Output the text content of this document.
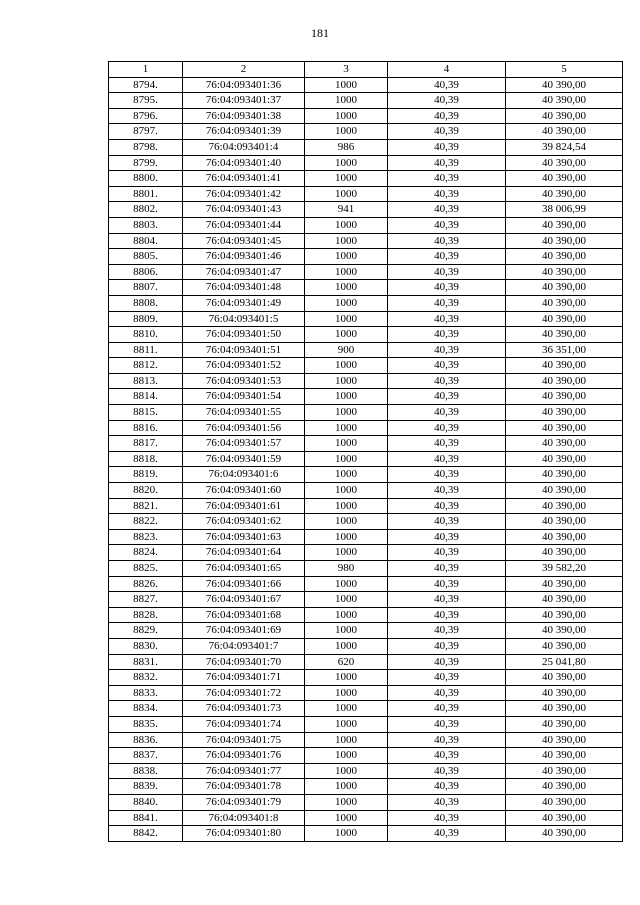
181
1	2	3	4	5
8794.	76:04:093401:36	1000	40,39	40 390,00
8795.	76:04:093401:37	1000	40,39	40 390,00
8796.	76:04:093401:38	1000	40,39	40 390,00
8797.	76:04:093401:39	1000	40,39	40 390,00
8798.	76:04:093401:4	986	40,39	39 824,54
8799.	76:04:093401:40	1000	40,39	40 390,00
8800.	76:04:093401:41	1000	40,39	40 390,00
8801.	76:04:093401:42	1000	40,39	40 390,00
8802.	76:04:093401:43	941	40,39	38 006,99
8803.	76:04:093401:44	1000	40,39	40 390,00
8804.	76:04:093401:45	1000	40,39	40 390,00
8805.	76:04:093401:46	1000	40,39	40 390,00
8806.	76:04:093401:47	1000	40,39	40 390,00
8807.	76:04:093401:48	1000	40,39	40 390,00
8808.	76:04:093401:49	1000	40,39	40 390,00
8809.	76:04:093401:5	1000	40,39	40 390,00
8810.	76:04:093401:50	1000	40,39	40 390,00
8811.	76:04:093401:51	900	40,39	36 351,00
8812.	76:04:093401:52	1000	40,39	40 390,00
8813.	76:04:093401:53	1000	40,39	40 390,00
8814.	76:04:093401:54	1000	40,39	40 390,00
8815.	76:04:093401:55	1000	40,39	40 390,00
8816.	76:04:093401:56	1000	40,39	40 390,00
8817.	76:04:093401:57	1000	40,39	40 390,00
8818.	76:04:093401:59	1000	40,39	40 390,00
8819.	76:04:093401:6	1000	40,39	40 390,00
8820.	76:04:093401:60	1000	40,39	40 390,00
8821.	76:04:093401:61	1000	40,39	40 390,00
8822.	76:04:093401:62	1000	40,39	40 390,00
8823.	76:04:093401:63	1000	40,39	40 390,00
8824.	76:04:093401:64	1000	40,39	40 390,00
8825.	76:04:093401:65	980	40,39	39 582,20
8826.	76:04:093401:66	1000	40,39	40 390,00
8827.	76:04:093401:67	1000	40,39	40 390,00
8828.	76:04:093401:68	1000	40,39	40 390,00
8829.	76:04:093401:69	1000	40,39	40 390,00
8830.	76:04:093401:7	1000	40,39	40 390,00
8831.	76:04:093401:70	620	40,39	25 041,80
8832.	76:04:093401:71	1000	40,39	40 390,00
8833.	76:04:093401:72	1000	40,39	40 390,00
8834.	76:04:093401:73	1000	40,39	40 390,00
8835.	76:04:093401:74	1000	40,39	40 390,00
8836.	76:04:093401:75	1000	40,39	40 390,00
8837.	76:04:093401:76	1000	40,39	40 390,00
8838.	76:04:093401:77	1000	40,39	40 390,00
8839.	76:04:093401:78	1000	40,39	40 390,00
8840.	76:04:093401:79	1000	40,39	40 390,00
8841.	76:04:093401:8	1000	40,39	40 390,00
8842.	76:04:093401:80	1000	40,39	40 390,00
